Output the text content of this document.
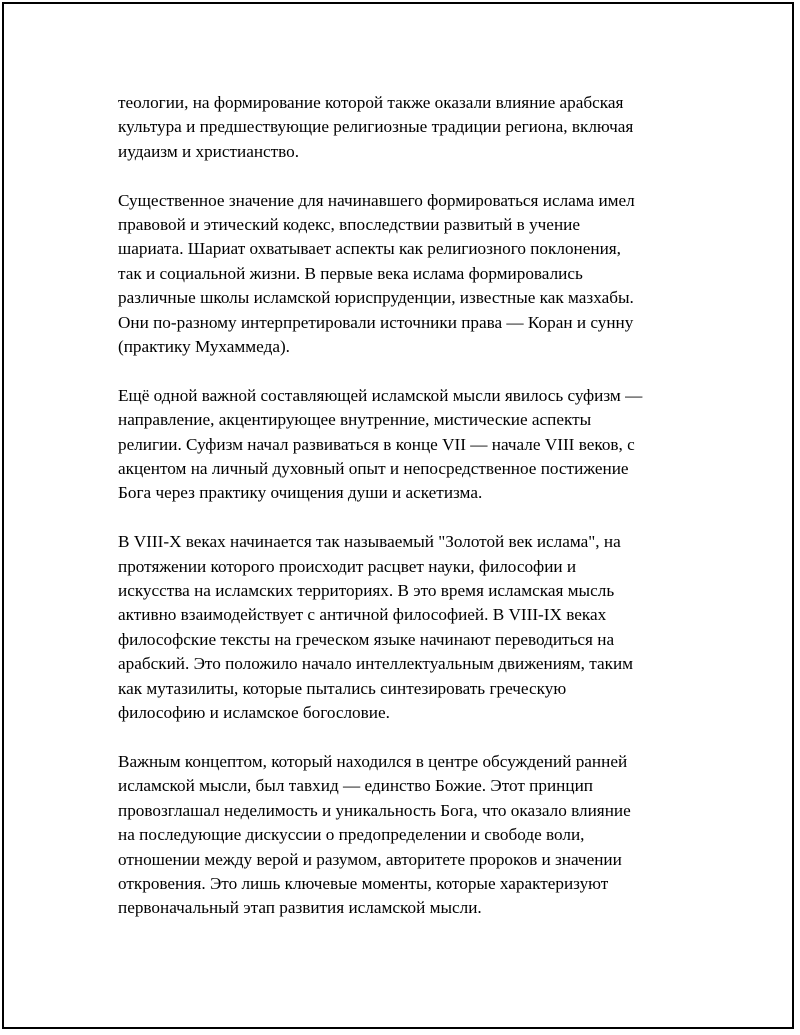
теологии, на формирование которой также оказали влияние арабская
культура и предшествующие религиозные традиции региона, включая
иудаизм и христианство.

Существенное значение для начинавшего формироваться ислама имел
правовой и этический кодекс, впоследствии развитый в учение
шариата. Шариат охватывает аспекты как религиозного поклонения,
так и социальной жизни. В первые века ислама формировались
различные школы исламской юриспруденции, известные как мазхабы.
Они по-разному интерпретировали источники права — Коран и сунну
(практику Мухаммеда).

Ещё одной важной составляющей исламской мысли явилось суфизм —
направление, акцентирующее внутренние, мистические аспекты
религии. Суфизм начал развиваться в конце VII — начале VIII веков, с
акцентом на личный духовный опыт и непосредственное постижение
Бога через практику очищения души и аскетизма.

В VIII-X веках начинается так называемый "Золотой век ислама", на
протяжении которого происходит расцвет науки, философии и
искусства на исламских территориях. В это время исламская мысль
активно взаимодействует с античной философией. В VIII-IX веках
философские тексты на греческом языке начинают переводиться на
арабский. Это положило начало интеллектуальным движениям, таким
как мутазилиты, которые пытались синтезировать греческую
философию и исламское богословие.

Важным концептом, который находился в центре обсуждений ранней
исламской мысли, был тавхид — единство Божие. Этот принцип
провозглашал неделимость и уникальность Бога, что оказало влияние
на последующие дискуссии о предопределении и свободе воли,
отношении между верой и разумом, авторитете пророков и значении
откровения. Это лишь ключевые моменты, которые характеризуют
первоначальный этап развития исламской мысли.
